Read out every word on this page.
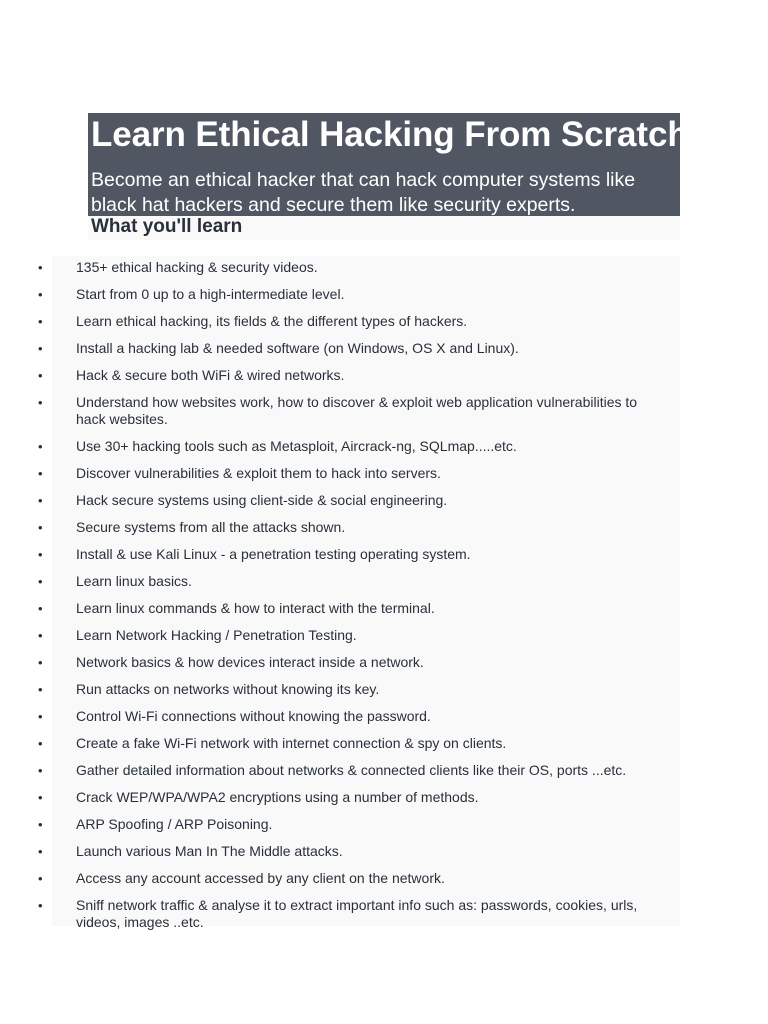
Learn Ethical Hacking From Scratch

Become an ethical hacker that can hack computer systems like black hat hackers and secure them like security experts.

What you'll learn
•	135+ ethical hacking & security videos.
•	Start from 0 up to a high-intermediate level.
•	Learn ethical hacking, its fields & the different types of hackers.
•	Install a hacking lab & needed software (on Windows, OS X and Linux).
•	Hack & secure both WiFi & wired networks.
•	Understand how websites work, how to discover & exploit web application vulnerabilities to hack websites.
•	Use 30+ hacking tools such as Metasploit, Aircrack-ng, SQLmap.....etc.
•	Discover vulnerabilities & exploit them to hack into servers.
•	Hack secure systems using client-side & social engineering.
•	Secure systems from all the attacks shown.
•	Install & use Kali Linux - a penetration testing operating system.
•	Learn linux basics.
•	Learn linux commands & how to interact with the terminal.
•	Learn Network Hacking / Penetration Testing.
•	Network basics & how devices interact inside a network.
•	Run attacks on networks without knowing its key.
•	Control Wi-Fi connections without knowing the password.
•	Create a fake Wi-Fi network with internet connection & spy on clients.
•	Gather detailed information about networks & connected clients like their OS, ports ...etc.
•	Crack WEP/WPA/WPA2 encryptions using a number of methods.
•	ARP Spoofing / ARP Poisoning.
•	Launch various Man In The Middle attacks.
•	Access any account accessed by any client on the network.
•	Sniff network traffic & analyse it to extract important info such as: passwords, cookies, urls, videos, images ..etc.
